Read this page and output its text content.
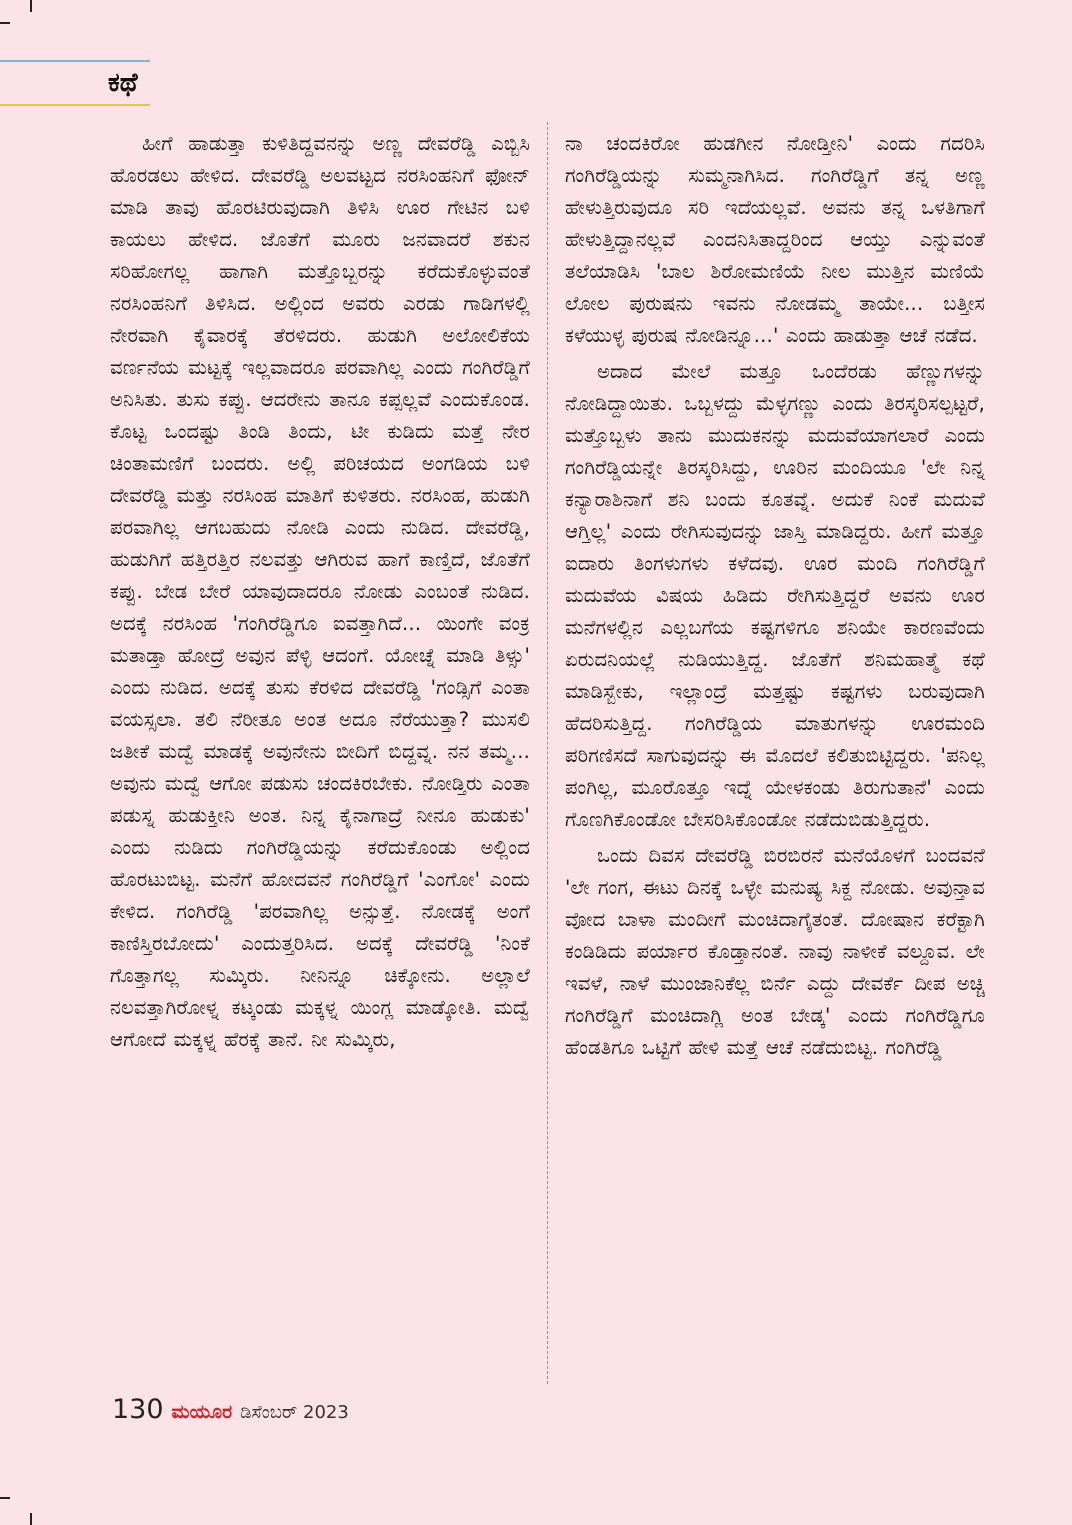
ಕಥೆ

ಹೀಗೆ ಹಾಡುತ್ತಾ ಕುಳಿತಿದ್ದವನನ್ನು ಅಣ್ಣ ದೇವರೆಡ್ಡಿ ಎಬ್ಬಿಸಿ ಹೊರಡಲು ಹೇಳಿದ. ದೇವರೆಡ್ಡಿ ಅಲವಟ್ಟದ ನರಸಿಂಹನಿಗೆ ಫೋನ್ ಮಾಡಿ ತಾವು ಹೊರಟಿರುವುದಾಗಿ ತಿಳಿಸಿ ಊರ ಗೇಟಿನ ಬಳಿ ಕಾಯಲು ಹೇಳಿದ. ಜೊತೆಗೆ ಮೂರು ಜನವಾದರೆ ಶಕುನ ಸರಿಹೋಗಲ್ಲ ಹಾಗಾಗಿ ಮತ್ತೊಬ್ಬರನ್ನು ಕರೆದುಕೊಳ್ಳುವಂತೆ ನರಸಿಂಹನಿಗೆ ತಿಳಿಸಿದ. ಅಲ್ಲಿಂದ ಅವರು ಎರಡು ಗಾಡಿಗಳಲ್ಲಿ ನೇರವಾಗಿ ಕೈವಾರಕ್ಕೆ ತೆರಳಿದರು. ಹುಡುಗಿ ಅಲೋಲಿಕೆಯ ವರ್ಣನೆಯ ಮಟ್ಟಕ್ಕೆ ಇಲ್ಲವಾದರೂ ಪರವಾಗಿಲ್ಲ ಎಂದು ಗಂಗಿರೆಡ್ಡಿಗೆ ಅನಿಸಿತು. ತುಸು ಕಪ್ಪು. ಆದರೇನು ತಾನೂ ಕಪ್ಪಲ್ಲವೆ ಎಂದುಕೊಂಡ. ಕೊಟ್ಟ ಒಂದಷ್ಟು ತಿಂಡಿ ತಿಂದು, ಟೀ ಕುಡಿದು ಮತ್ತೆ ನೇರ ಚಿಂತಾಮಣಿಗೆ ಬಂದರು. ಅಲ್ಲಿ ಪರಿಚಯದ ಅಂಗಡಿಯ ಬಳಿ ದೇವರೆಡ್ಡಿ ಮತ್ತು ನರಸಿಂಹ ಮಾತಿಗೆ ಕುಳಿತರು. ನರಸಿಂಹ, ಹುಡುಗಿ ಪರವಾಗಿಲ್ಲ ಆಗಬಹುದು ನೋಡಿ ಎಂದು ನುಡಿದ. ದೇವರೆಡ್ಡಿ, ಹುಡುಗಿಗೆ ಹತ್ತಿರತ್ತಿರ ನಲವತ್ತು ಆಗಿರುವ ಹಾಗೆ ಕಾಣ್ತಿದೆ, ಜೊತೆಗೆ ಕಪ್ಪು. ಬೇಡ ಬೇರೆ ಯಾವುದಾದರೂ ನೋಡು ಎಂಬಂತೆ ನುಡಿದ. ಅದಕ್ಕೆ ನರಸಿಂಹ 'ಗಂಗಿರೆಡ್ಡಿಗೂ ಐವತ್ತಾಗಿದೆ... ಯಿಂಗೇ ವಂಕ್ರ ಮತಾಡ್ತಾ ಹೋದ್ರೆ ಅವುನ ಪೆಳ್ಳಿ ಆದಂಗೆ. ಯೋಚ್ನೆ ಮಾಡಿ ತಿಳ್ಸು' ಎಂದು ನುಡಿದ. ಅದಕ್ಕೆ ತುಸು ಕೆರಳಿದ ದೇವರೆಡ್ಡಿ 'ಗಂಡ್ಸಿಗೆ ಎಂತಾ ವಯಸ್ಸಲಾ. ತಲಿ ನೆರೀತೂ ಅಂತ ಅದೂ ನೆರೆಯುತ್ತಾ? ಮುಸಲಿ ಜತೀಕೆ ಮದ್ವೆ ಮಾಡಕ್ಕೆ ಅವುನೇನು ಬೀದಿಗೆ ಬಿದ್ದವ್ನ. ನನ ತಮ್ಮ... ಅವುನು ಮದ್ವೆ ಆಗೋ ಪಡುಸು ಚಂದಕಿರಬೇಕು. ನೋಡ್ತಿರು ಎಂತಾ ಪಡುಸ್ನ ಹುಡುಕ್ತೀನಿ ಅಂತ. ನಿನ್ನ ಕೈನಾಗಾದ್ರೆ ನೀನೂ ಹುಡುಕು' ಎಂದು ನುಡಿದು ಗಂಗಿರೆಡ್ಡಿಯನ್ನು ಕರೆದುಕೊಂಡು ಅಲ್ಲಿಂದ ಹೊರಟುಬಿಟ್ಟ. ಮನೆಗೆ ಹೋದವನೆ ಗಂಗಿರೆಡ್ಡಿಗೆ 'ಎಂಗೋ' ಎಂದು ಕೇಳಿದ. ಗಂಗಿರೆಡ್ಡಿ 'ಪರವಾಗಿಲ್ಲ ಅನ್ಸುತ್ತೆ. ನೋಡಕ್ಕೆ ಅಂಗೆ ಕಾಣಿಸ್ತಿರಬೋದು' ಎಂದುತ್ತರಿಸಿದ. ಅದಕ್ಕೆ ದೇವರೆಡ್ಡಿ 'ನಿಂಕೆ ಗೊತ್ತಾಗಲ್ಲ ಸುಮ್ಕಿರು. ನೀನಿನ್ನೂ ಚಿಕ್ಕೋನು. ಅಲ್ಲಾಲೆ ನಲವತ್ತಾಗಿರೋಳ್ನ ಕಟ್ಕಂಡು ಮಕ್ಕಳ್ನ ಯಿಂಗ್ಲ ಮಾಡ್ಕೋತಿ. ಮದ್ವೆ ಆಗೋದೆ ಮಕ್ಕಳ್ನ ಹೆರಕ್ಕೆ ತಾನೆ. ನೀ ಸುಮ್ಕಿರು,

ನಾ ಚಂದಕಿರೋ ಹುಡಗೀನ ನೋಡ್ತೀನಿ' ಎಂದು ಗದರಿಸಿ ಗಂಗಿರೆಡ್ಡಿಯನ್ನು ಸುಮ್ಮನಾಗಿಸಿದ. ಗಂಗಿರೆಡ್ಡಿಗೆ ತನ್ನ ಅಣ್ಣ ಹೇಳುತ್ತಿರುವುದೂ ಸರಿ ಇದೆಯಲ್ಲವೆ. ಅವನು ತನ್ನ ಒಳತಿಗಾಗೆ ಹೇಳುತ್ತಿದ್ದಾನಲ್ಲವೆ ಎಂದನಿಸಿತಾದ್ದರಿಂದ ಆಯ್ತು ಎನ್ನುವಂತೆ ತಲೆಯಾಡಿಸಿ 'ಬಾಲ ಶಿರೋಮಣಿಯೆ ನೀಲ ಮುತ್ತಿನ ಮಣಿಯೆ ಲೋಲ ಪುರುಷನು ಇವನು ನೋಡಮ್ಮ ತಾಯೇ... ಬತ್ತೀಸ ಕಳೆಯುಳ್ಳ ಪುರುಷ ನೋಡಿನ್ನೂ...' ಎಂದು ಹಾಡುತ್ತಾ ಆಚೆ ನಡೆದ.

ಅದಾದ ಮೇಲೆ ಮತ್ತೂ ಒಂದೆರಡು ಹೆಣ್ಣುಗಳನ್ನು ನೋಡಿದ್ದಾಯಿತು. ಒಬ್ಬಳದ್ದು ಮೆಳ್ಳಗಣ್ಣು ಎಂದು ತಿರಸ್ಕರಿಸಲ್ಪಟ್ಟರೆ, ಮತ್ತೊಬ್ಬಳು ತಾನು ಮುದುಕನನ್ನು ಮದುವೆಯಾಗಲಾರೆ ಎಂದು ಗಂಗಿರೆಡ್ಡಿಯನ್ನೇ ತಿರಸ್ಕರಿಸಿದ್ದು, ಊರಿನ ಮಂದಿಯೂ 'ಲೇ ನಿನ್ನ ಕನ್ಯಾರಾಶಿನಾಗೆ ಶನಿ ಬಂದು ಕೂತವ್ನೆ. ಅದುಕೆ ನಿಂಕೆ ಮದುವೆ ಆಗ್ತಿಲ್ಲ' ಎಂದು ರೇಗಿಸುವುದನ್ನು ಜಾಸ್ತಿ ಮಾಡಿದ್ದರು. ಹೀಗೆ ಮತ್ತೂ ಐದಾರು ತಿಂಗಳುಗಳು ಕಳೆದವು. ಊರ ಮಂದಿ ಗಂಗಿರೆಡ್ಡಿಗೆ ಮದುವೆಯ ವಿಷಯ ಹಿಡಿದು ರೇಗಿಸುತ್ತಿದ್ದರೆ ಅವನು ಊರ ಮನೆಗಳಲ್ಲಿನ ಎಲ್ಲಬಗೆಯ ಕಷ್ಟಗಳಿಗೂ ಶನಿಯೇ ಕಾರಣವೆಂದು ಏರುದನಿಯಲ್ಲೆ ನುಡಿಯುತ್ತಿದ್ದ. ಜೊತೆಗೆ ಶನಿಮಹಾತ್ಮೆ ಕಥೆ ಮಾಡಿಸ್ಬೇಕು, ಇಲ್ಲಾಂದ್ರೆ ಮತ್ತಷ್ಟು ಕಷ್ಟಗಳು ಬರುವುದಾಗಿ ಹೆದರಿಸುತ್ತಿದ್ದ. ಗಂಗಿರೆಡ್ಡಿಯ ಮಾತುಗಳನ್ನು ಊರಮಂದಿ ಪರಿಗಣಿಸದೆ ಸಾಗುವುದನ್ನು ಈ ಮೊದಲೆ ಕಲಿತುಬಿಟ್ಟಿದ್ದರು. 'ಪನಿಲ್ಲ ಪಂಗಿಲ್ಲ, ಮೂರೊತ್ತೂ ಇದ್ನೆ ಯೇಳಕಂಡು ತಿರುಗುತಾನೆ' ಎಂದು ಗೊಣಗಿಕೊಂಡೋ ಬೇಸರಿಸಿಕೊಂಡೋ ನಡೆದುಬಿಡುತ್ತಿದ್ದರು.

ಒಂದು ದಿವಸ ದೇವರೆಡ್ಡಿ ಬಿರಬಿರನೆ ಮನೆಯೊಳಗೆ ಬಂದವನೆ 'ಲೇ ಗಂಗ, ಈಟು ದಿನಕ್ಕೆ ಒಳ್ಳೇ ಮನುಷ್ಯ ಸಿಕ್ದ ನೋಡು. ಅವುನ್ತಾವ ವೋದ ಬಾಳಾ ಮಂದೀಗೆ ಮಂಚಿದಾಗೈತಂತೆ. ದೋಷಾನ ಕರೆಕ್ಟಾಗಿ ಕಂಡಿಡಿದು ಪರ್ಯಾರ ಕೊಡ್ತಾನಂತೆ. ನಾವು ನಾಳೀಕೆ ವಲ್ದೂವ. ಲೇ ಇವಳೆ, ನಾಳೆ ಮುಂಜಾನಿಕೆಲ್ಲ ಬಿರ್ನೆ ಎದ್ದು ದೇವರ್ಕೆ ದೀಪ ಅಚ್ಚಿ ಗಂಗಿರೆಡ್ಡಿಗೆ ಮಂಚಿದಾಗ್ಲಿ ಅಂತ ಬೇಡ್ಕ' ಎಂದು ಗಂಗಿರೆಡ್ಡಿಗೂ ಹೆಂಡತಿಗೂ ಒಟ್ಟಿಗೆ ಹೇಳಿ ಮತ್ತೆ ಆಚೆ ನಡೆದುಬಿಟ್ಟ. ಗಂಗಿರೆಡ್ಡಿ

130 ಮಯೂರ ಡಿಸೆಂಬರ್ 2023
